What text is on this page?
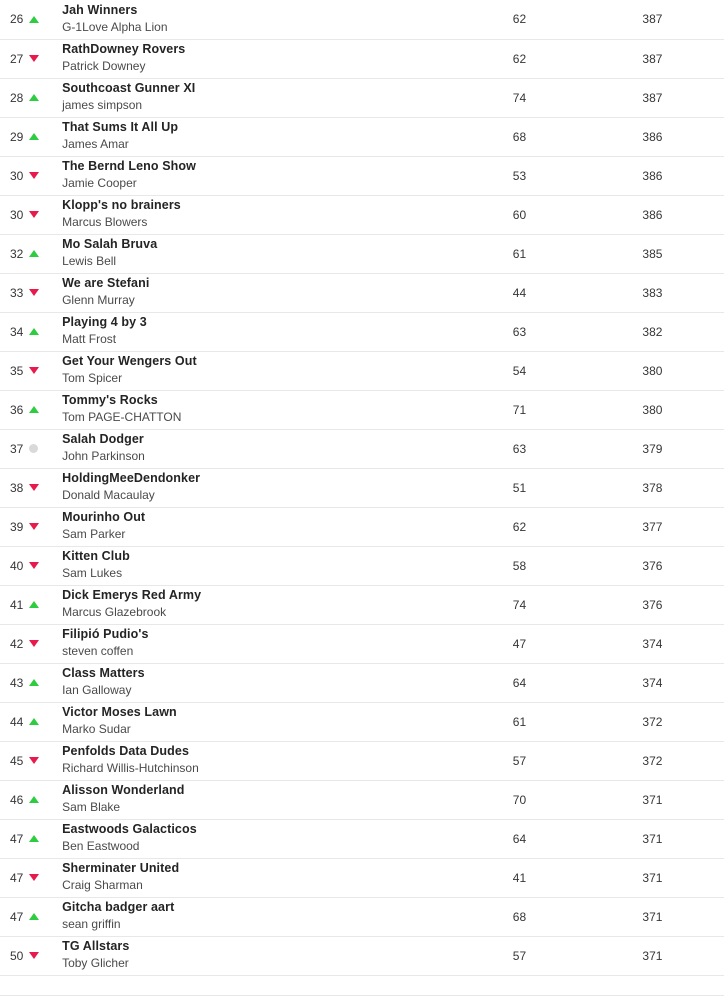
26	Jah Winners
G-1Love Alpha Lion	62	387

27	RathDowney Rovers
Patrick Downey	62	387

28	Southcoast Gunner XI
james simpson	74	387

29	That Sums It All Up
James Amar	68	386

30	The Bernd Leno Show
Jamie Cooper	53	386

30	Klopp's no brainers
Marcus Blowers	60	386

32	Mo Salah Bruva
Lewis Bell	61	385

33	We are Stefani
Glenn Murray	44	383

34	Playing 4 by 3
Matt Frost	63	382

35	Get Your Wengers Out
Tom Spicer	54	380

36	Tommy's Rocks
Tom PAGE-CHATTON	71	380

37	Salah Dodger
John Parkinson	63	379

38	HoldingMeeDendonker
Donald Macaulay	51	378

39	Mourinho Out
Sam Parker	62	377

40	Kitten Club
Sam Lukes	58	376

41	Dick Emerys Red Army
Marcus Glazebrook	74	376

42	Filipió Pudio's
steven coffen	47	374

43	Class Matters
Ian Galloway	64	374

44	Victor Moses Lawn
Marko Sudar	61	372

45	Penfolds Data Dudes
Richard Willis-Hutchinson	57	372

46	Alisson Wonderland
Sam Blake	70	371

47	Eastwoods Galacticos
Ben Eastwood	64	371

47	Sherminater United
Craig Sharman	41	371

47	Gitcha badger aart
sean griffin	68	371

50	TG Allstars
Toby Glicher	57	371
